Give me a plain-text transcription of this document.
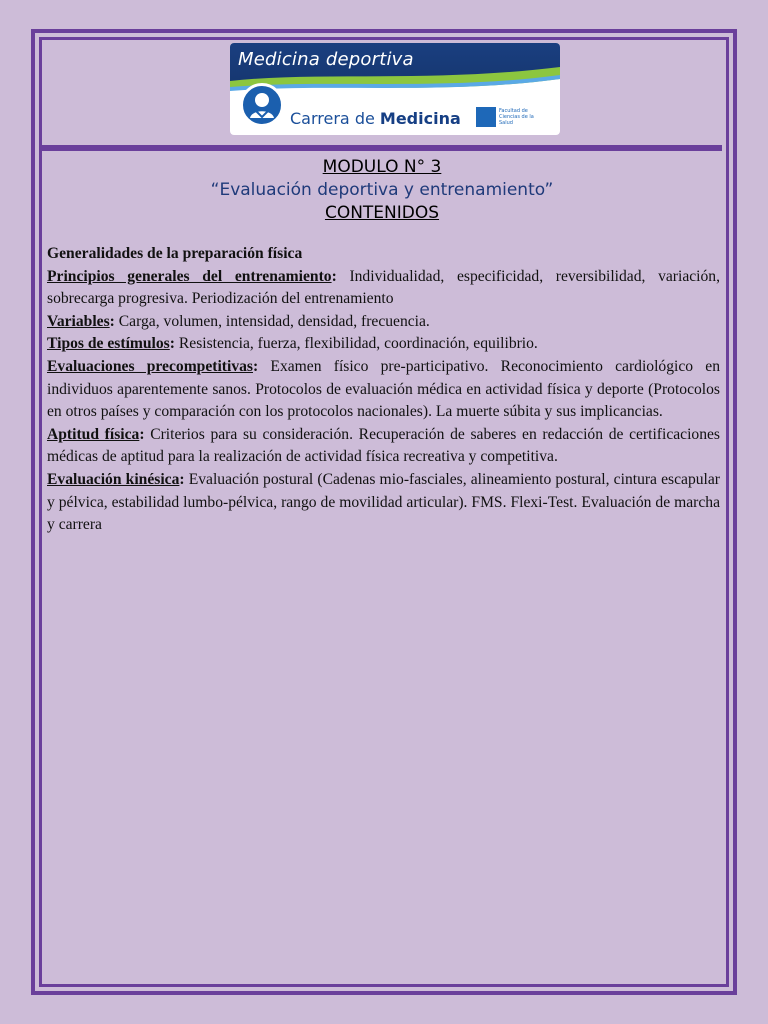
Medicina deportiva
Carrera de Medicina	Facultad de Ciencias de la Salud
MODULO N° 3
“Evaluación deportiva y entrenamiento”
CONTENIDOS

Generalidades de la preparación física

Principios generales del entrenamiento: Individualidad, especificidad, reversibilidad, variación, sobrecarga progresiva. Periodización del entrenamiento

Variables: Carga, volumen, intensidad, densidad, frecuencia.

Tipos de estímulos: Resistencia, fuerza, flexibilidad, coordinación, equilibrio.

Evaluaciones precompetitivas: Examen físico pre-participativo. Reconocimiento cardiológico en individuos aparentemente sanos. Protocolos de evaluación médica en actividad física y deporte (Protocolos en otros países y comparación con los protocolos nacionales). La muerte súbita y sus implicancias.

Aptitud física: Criterios para su consideración. Recuperación de saberes en redacción de certificaciones médicas de aptitud para la realización de actividad física recreativa y competitiva.

Evaluación kinésica: Evaluación postural (Cadenas mio-fasciales, alineamiento postural, cintura escapular y pélvica, estabilidad lumbo-pélvica, rango de movilidad articular). FMS. Flexi-Test. Evaluación de marcha y carrera
